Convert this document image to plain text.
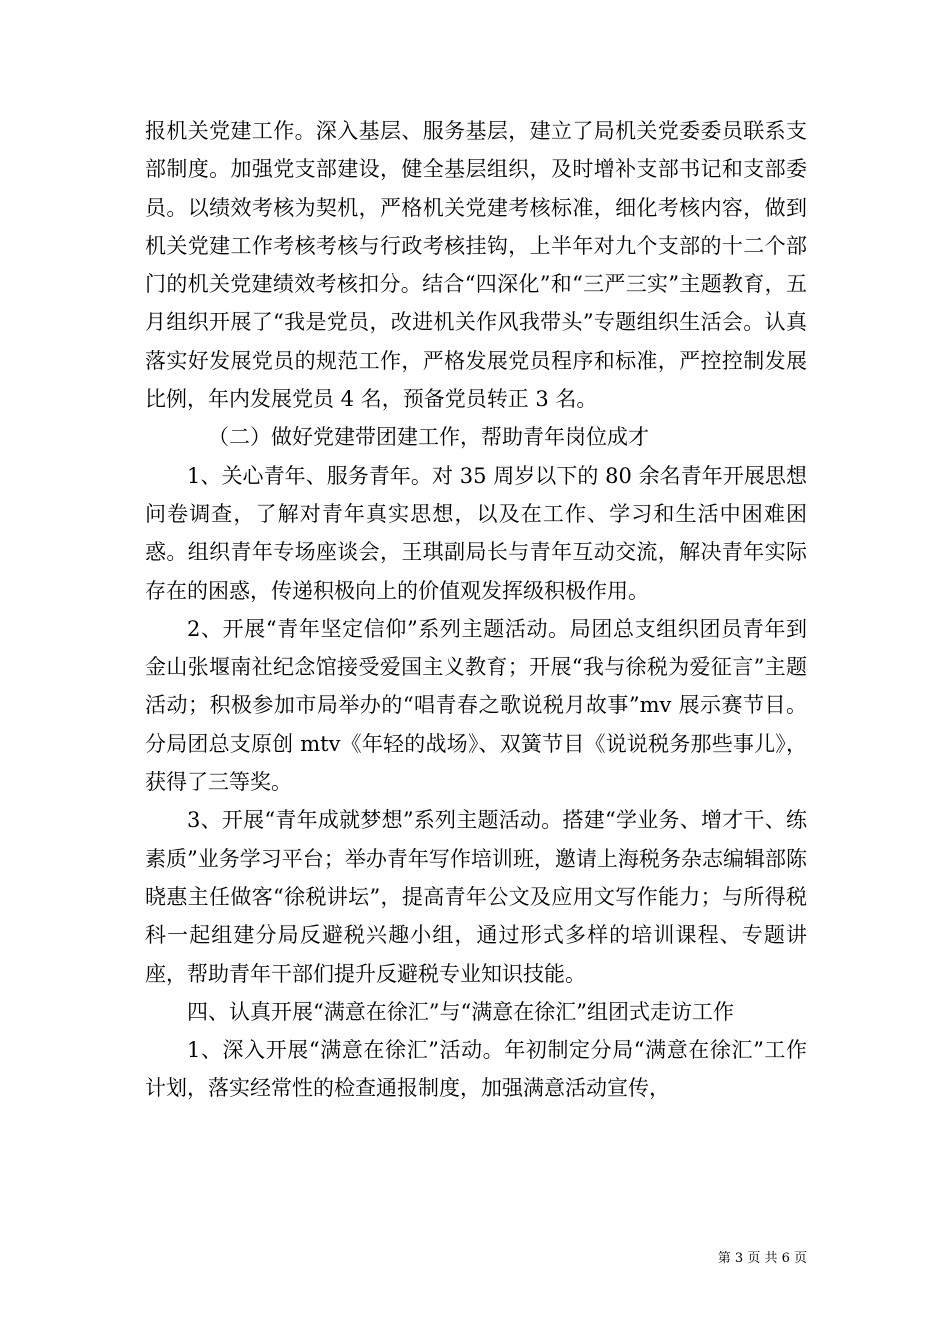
报机关党建工作。深入基层、服务基层，建立了局机关党委委员联系支部制度。加强党支部建设，健全基层组织，及时增补支部书记和支部委员。以绩效考核为契机，严格机关党建考核标准，细化考核内容，做到机关党建工作考核考核与行政考核挂钩，上半年对九个支部的十二个部门的机关党建绩效考核扣分。结合“四深化”和“三严三实”主题教育，五月组织开展了“我是党员，改进机关作风我带头”专题组织生活会。认真落实好发展党员的规范工作，严格发展党员程序和标准，严控控制发展比例，年内发展党员 4 名，预备党员转正 3 名。

（二）做好党建带团建工作，帮助青年岗位成才

1、关心青年、服务青年。对 35 周岁以下的 80 余名青年开展思想问卷调查，了解对青年真实思想，以及在工作、学习和生活中困难困惑。组织青年专场座谈会，王琪副局长与青年互动交流，解决青年实际存在的困惑，传递积极向上的价值观发挥级积极作用。

2、开展“青年坚定信仰”系列主题活动。局团总支组织团员青年到金山张堰南社纪念馆接受爱国主义教育；开展“我与徐税为爱征言”主题活动；积极参加市局举办的“唱青春之歌说税月故事”mv 展示赛节目。分局团总支原创 mtv《年轻的战场》、双簧节目《说说税务那些事儿》，获得了三等奖。

3、开展“青年成就梦想”系列主题活动。搭建“学业务、增才干、练素质”业务学习平台；举办青年写作培训班，邀请上海税务杂志编辑部陈晓惠主任做客“徐税讲坛”，提高青年公文及应用文写作能力；与所得税科一起组建分局反避税兴趣小组，通过形式多样的培训课程、专题讲座，帮助青年干部们提升反避税专业知识技能。

四、认真开展“满意在徐汇”与“满意在徐汇”组团式走访工作

1、深入开展“满意在徐汇”活动。年初制定分局“满意在徐汇”工作计划，落实经常性的检查通报制度，加强满意活动宣传，

第 3 页 共 6 页
